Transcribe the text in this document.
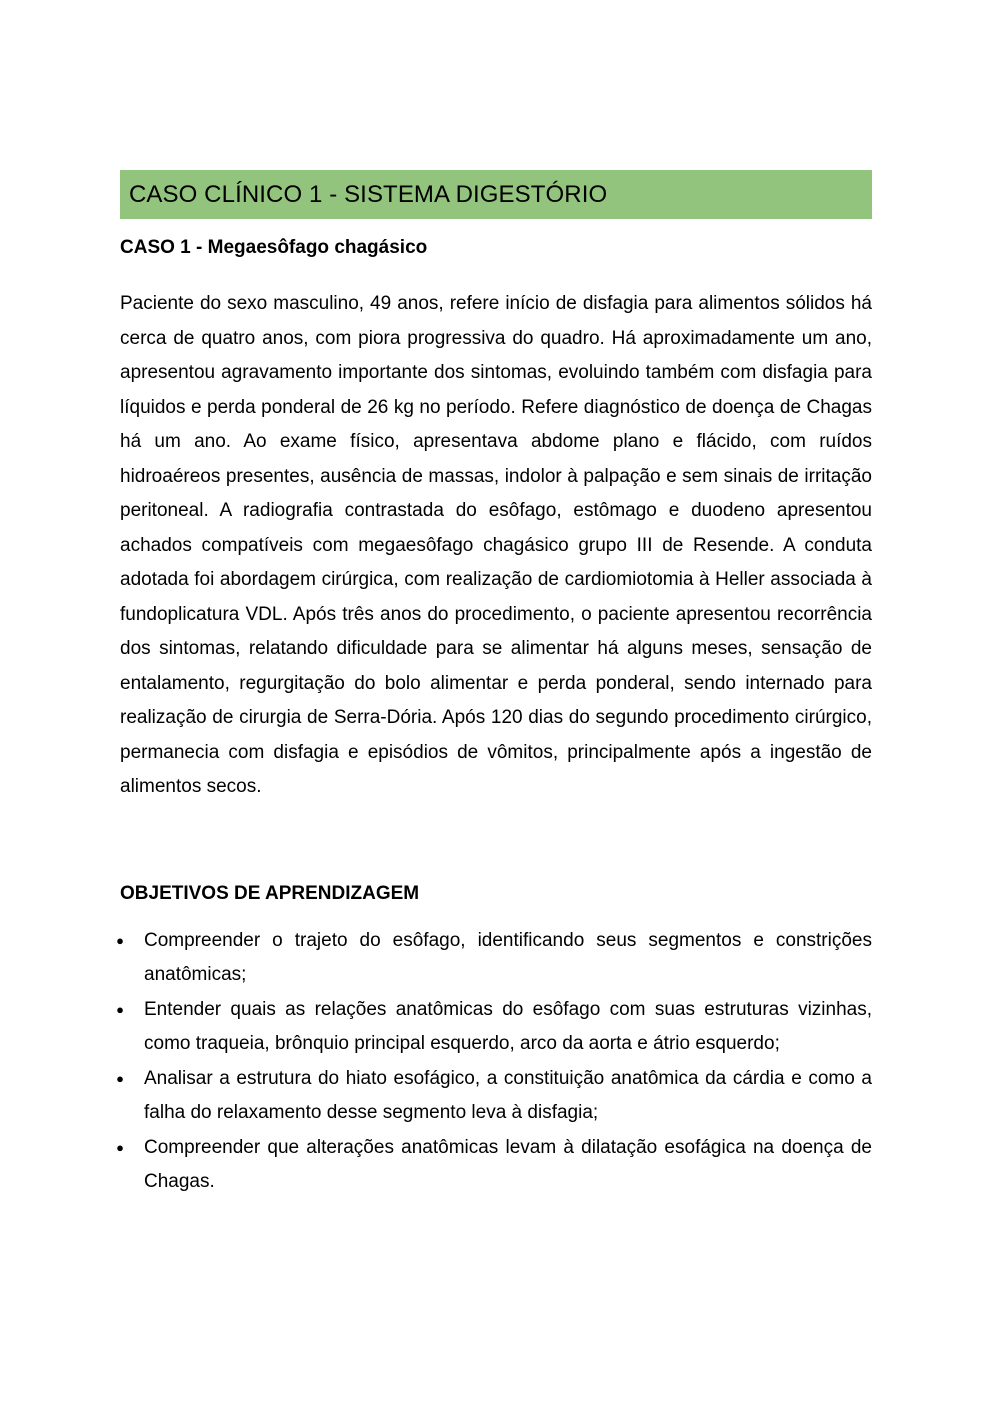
CASO CLÍNICO 1 - SISTEMA DIGESTÓRIO
CASO 1 - Megaesôfago chagásico

Paciente do sexo masculino, 49 anos, refere início de disfagia para alimentos sólidos há cerca de quatro anos, com piora progressiva do quadro. Há aproximadamente um ano, apresentou agravamento importante dos sintomas, evoluindo também com disfagia para líquidos e perda ponderal de 26 kg no período. Refere diagnóstico de doença de Chagas há um ano. Ao exame físico, apresentava abdome plano e flácido, com ruídos hidroaéreos presentes, ausência de massas, indolor à palpação e sem sinais de irritação peritoneal. A radiografia contrastada do esôfago, estômago e duodeno apresentou achados compatíveis com megaesôfago chagásico grupo III de Resende. A conduta adotada foi abordagem cirúrgica, com realização de cardiomiotomia à Heller associada à fundoplicatura VDL. Após três anos do procedimento, o paciente apresentou recorrência dos sintomas, relatando dificuldade para se alimentar há alguns meses, sensação de entalamento, regurgitação do bolo alimentar e perda ponderal, sendo internado para realização de cirurgia de Serra-Dória. Após 120 dias do segundo procedimento cirúrgico, permanecia com disfagia e episódios de vômitos, principalmente após a ingestão de alimentos secos.

OBJETIVOS DE APRENDIZAGEM
● Compreender o trajeto do esôfago, identificando seus segmentos e constrições anatômicas;
● Entender quais as relações anatômicas do esôfago com suas estruturas vizinhas, como traqueia, brônquio principal esquerdo, arco da aorta e átrio esquerdo;
● Analisar a estrutura do hiato esofágico, a constituição anatômica da cárdia e como a falha do relaxamento desse segmento leva à disfagia;
● Compreender que alterações anatômicas levam à dilatação esofágica na doença de Chagas.
